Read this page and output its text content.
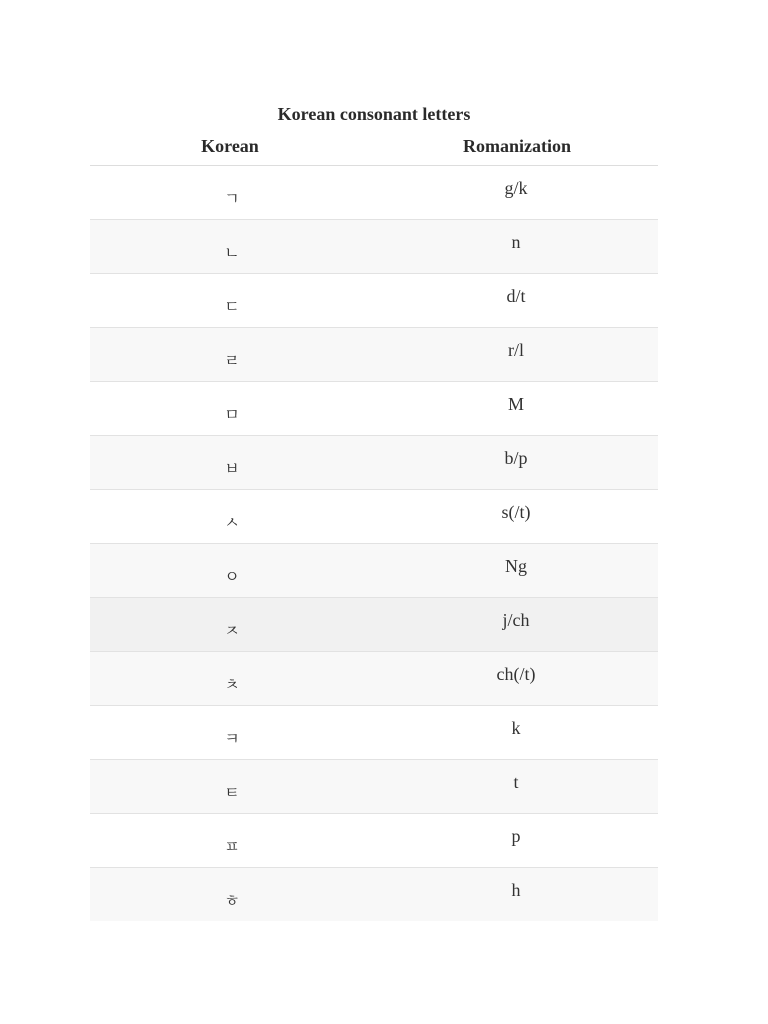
Korean consonant letters
Korean	Romanization
ㄱ	g/k
ㄴ	n
ㄷ	d/t
ㄹ	r/l
ㅁ	M
ㅂ	b/p
ㅅ	s(/t)
ㅇ	Ng
ㅈ	j/ch
ㅊ	ch(/t)
ㅋ	k
ㅌ	t
ㅍ	p
ㅎ	h
